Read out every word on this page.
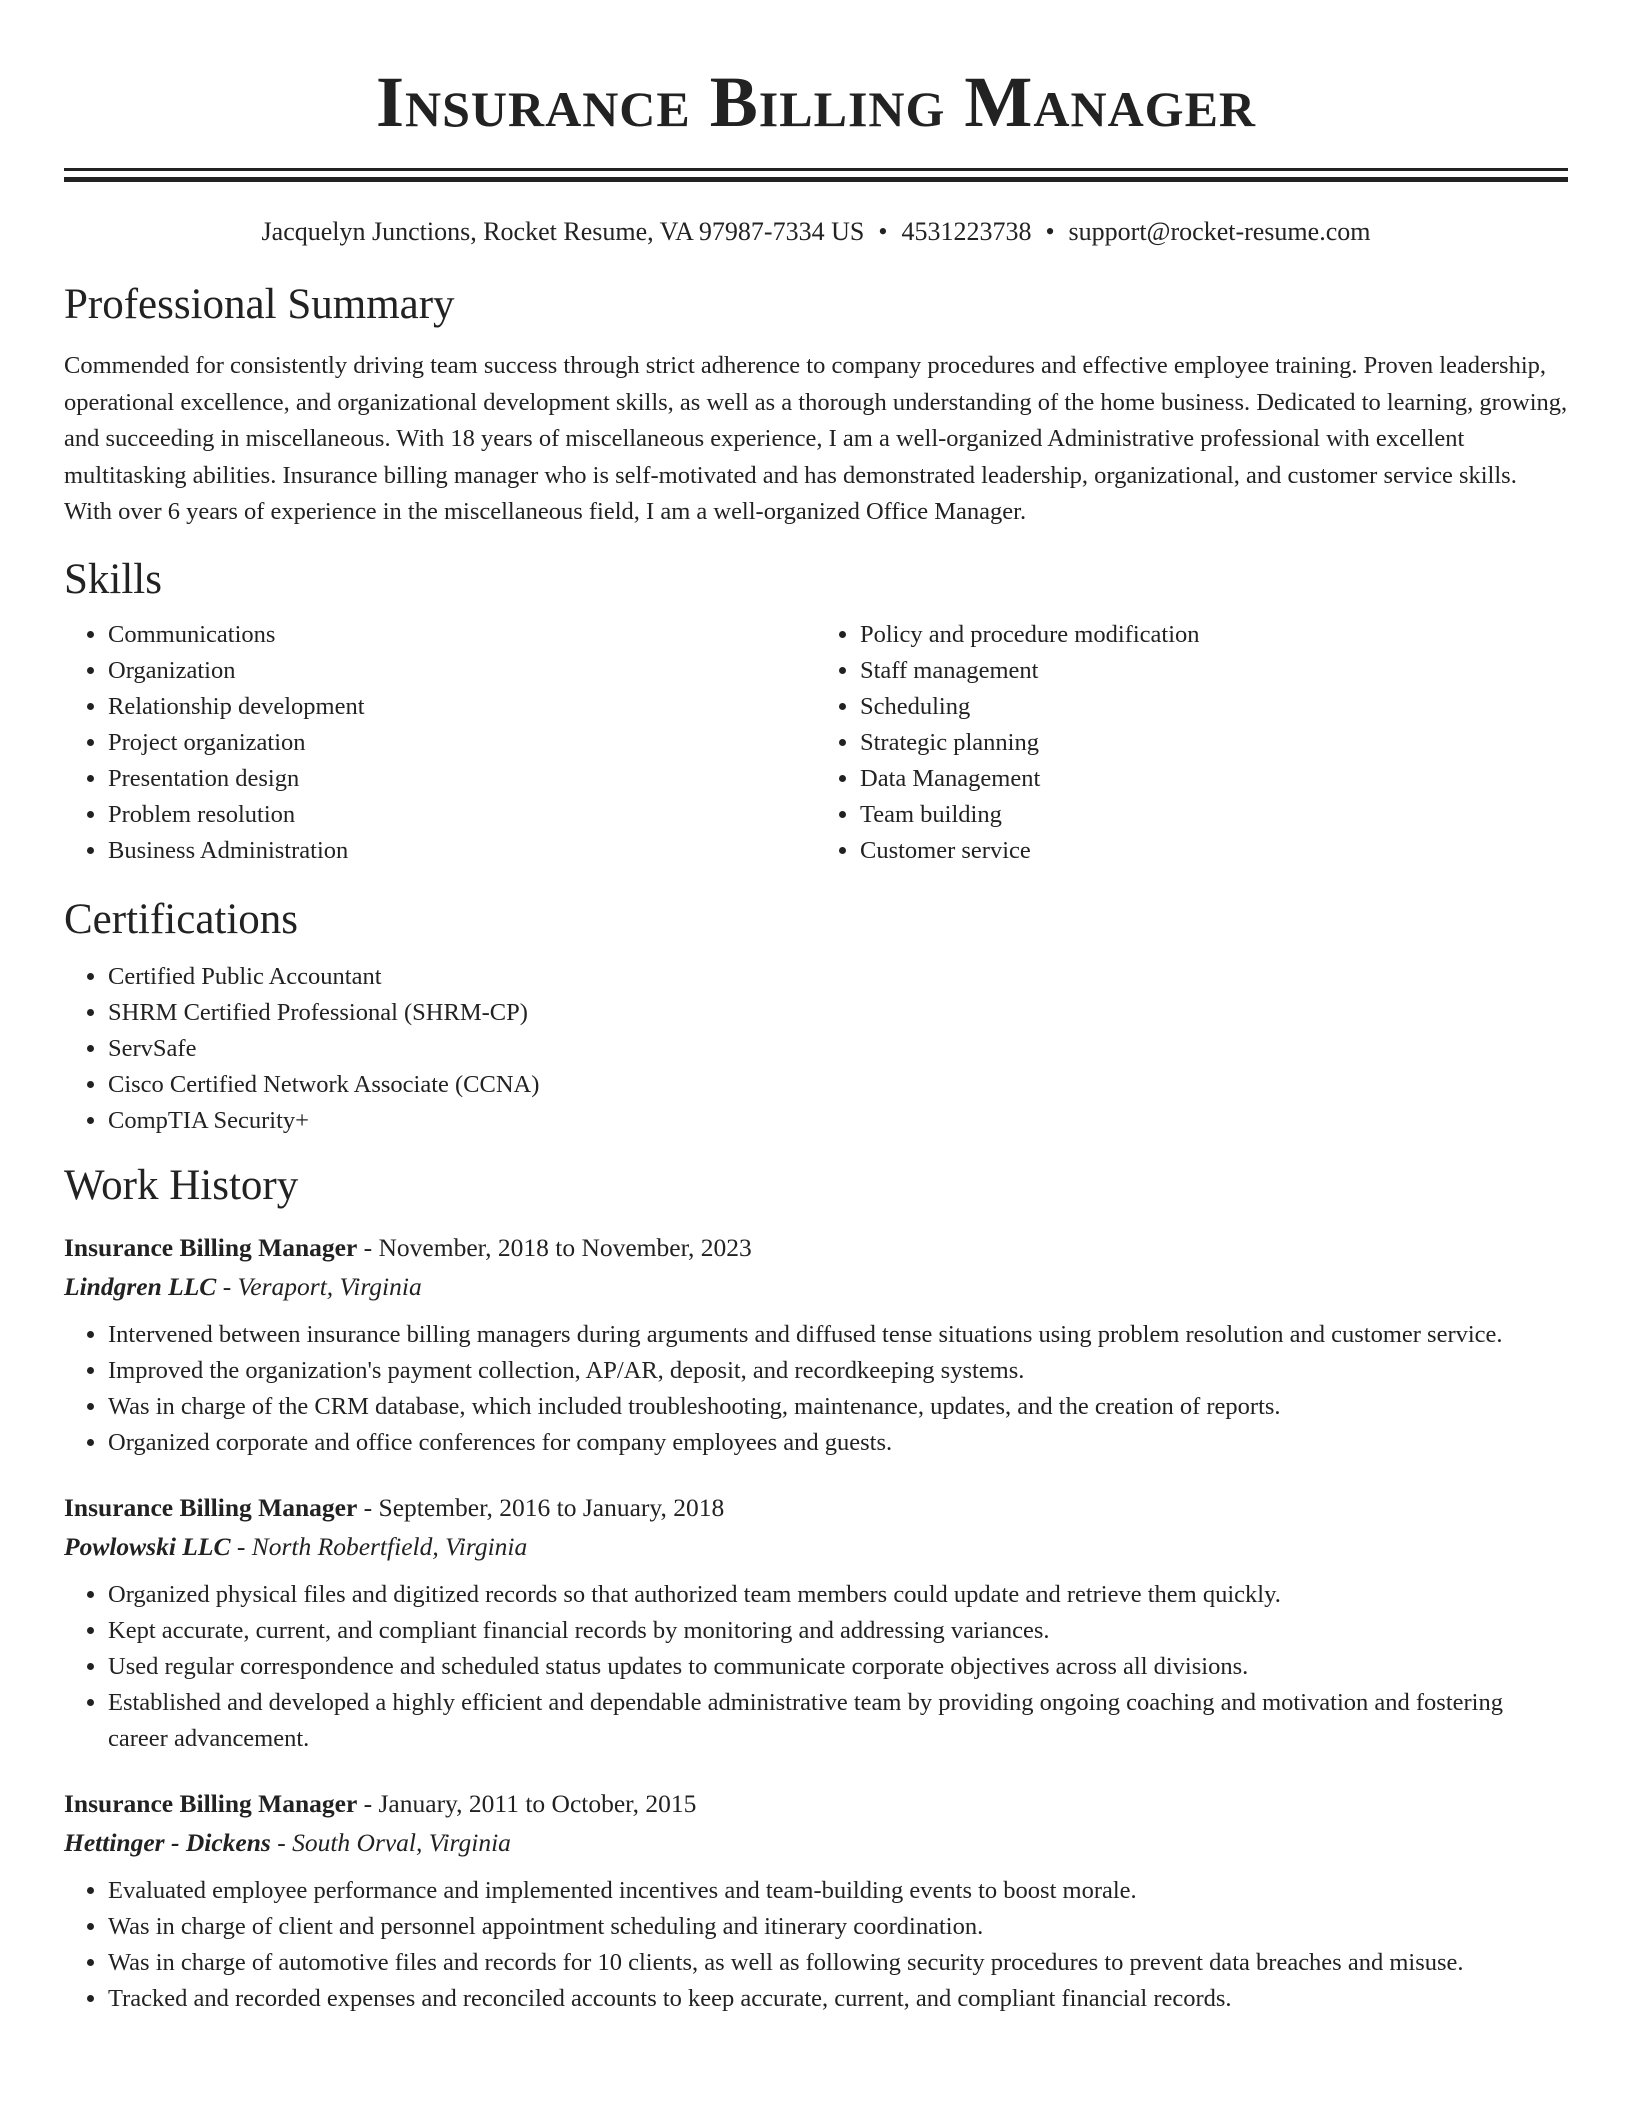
Insurance Billing Manager
Jacquelyn Junctions, Rocket Resume, VA 97987-7334 US • 4531223738 • support@rocket-resume.com
Professional Summary

Commended for consistently driving team success through strict adherence to company procedures and effective employee training. Proven leadership, operational excellence, and organizational development skills, as well as a thorough understanding of the home business. Dedicated to learning, growing, and succeeding in miscellaneous. With 18 years of miscellaneous experience, I am a well-organized Administrative professional with excellent multitasking abilities. Insurance billing manager who is self-motivated and has demonstrated leadership, organizational, and customer service skills. With over 6 years of experience in the miscellaneous field, I am a well-organized Office Manager.

Skills
• Communications
• Organization
• Relationship development
• Project organization
• Presentation design
• Problem resolution
• Business Administration
• Policy and procedure modification
• Staff management
• Scheduling
• Strategic planning
• Data Management
• Team building
• Customer service
Certifications
• Certified Public Accountant
• SHRM Certified Professional (SHRM-CP)
• ServSafe
• Cisco Certified Network Associate (CCNA)
• CompTIA Security+
Work History
Insurance Billing Manager - November, 2018 to November, 2023
Lindgren LLC - Veraport, Virginia
• Intervened between insurance billing managers during arguments and diffused tense situations using problem resolution and customer service.
• Improved the organization's payment collection, AP/AR, deposit, and recordkeeping systems.
• Was in charge of the CRM database, which included troubleshooting, maintenance, updates, and the creation of reports.
• Organized corporate and office conferences for company employees and guests.
Insurance Billing Manager - September, 2016 to January, 2018
Powlowski LLC - North Robertfield, Virginia
• Organized physical files and digitized records so that authorized team members could update and retrieve them quickly.
• Kept accurate, current, and compliant financial records by monitoring and addressing variances.
• Used regular correspondence and scheduled status updates to communicate corporate objectives across all divisions.
• Established and developed a highly efficient and dependable administrative team by providing ongoing coaching and motivation and fostering career advancement.
Insurance Billing Manager - January, 2011 to October, 2015
Hettinger - Dickens - South Orval, Virginia
• Evaluated employee performance and implemented incentives and team-building events to boost morale.
• Was in charge of client and personnel appointment scheduling and itinerary coordination.
• Was in charge of automotive files and records for 10 clients, as well as following security procedures to prevent data breaches and misuse.
• Tracked and recorded expenses and reconciled accounts to keep accurate, current, and compliant financial records.
